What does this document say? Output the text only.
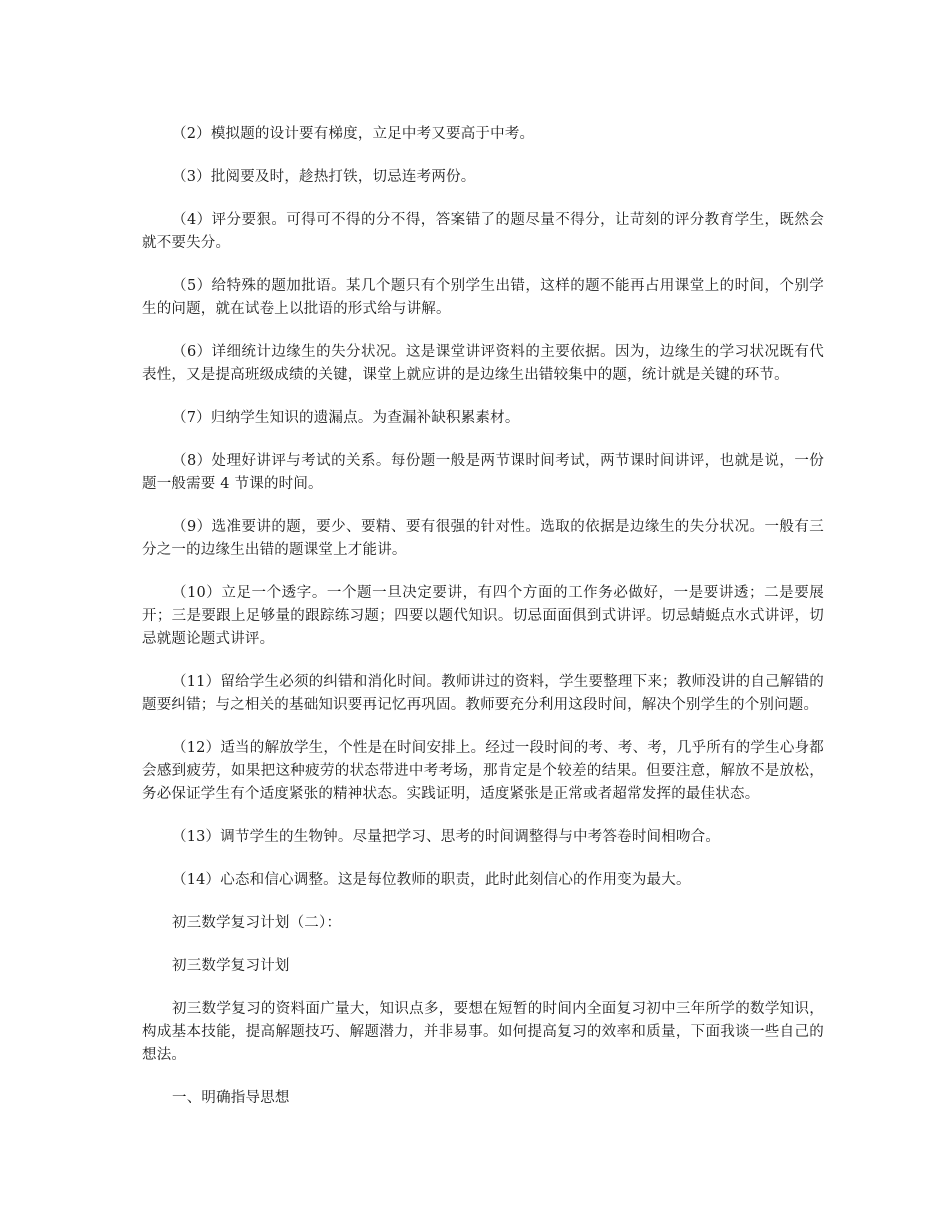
（2）模拟题的设计要有梯度，立足中考又要高于中考。

（3）批阅要及时，趁热打铁，切忌连考两份。

（4）评分要狠。可得可不得的分不得，答案错了的题尽量不得分，让苛刻的评分教育学生，既然会就不要失分。

（5）给特殊的题加批语。某几个题只有个别学生出错，这样的题不能再占用课堂上的时间，个别学生的问题，就在试卷上以批语的形式给与讲解。

（6）详细统计边缘生的失分状况。这是课堂讲评资料的主要依据。因为，边缘生的学习状况既有代表性，又是提高班级成绩的关键，课堂上就应讲的是边缘生出错较集中的题，统计就是关键的环节。

（7）归纳学生知识的遗漏点。为查漏补缺积累素材。

（8）处理好讲评与考试的关系。每份题一般是两节课时间考试，两节课时间讲评，也就是说，一份题一般需要 4 节课的时间。

（9）选准要讲的题，要少、要精、要有很强的针对性。选取的依据是边缘生的失分状况。一般有三分之一的边缘生出错的题课堂上才能讲。

（10）立足一个透字。一个题一旦决定要讲，有四个方面的工作务必做好，一是要讲透；二是要展开；三是要跟上足够量的跟踪练习题；四要以题代知识。切忌面面俱到式讲评。切忌蜻蜓点水式讲评，切忌就题论题式讲评。

（11）留给学生必须的纠错和消化时间。教师讲过的资料，学生要整理下来；教师没讲的自己解错的题要纠错；与之相关的基础知识要再记忆再巩固。教师要充分利用这段时间，解决个别学生的个别问题。

（12）适当的解放学生，个性是在时间安排上。经过一段时间的考、考、考，几乎所有的学生心身都会感到疲劳，如果把这种疲劳的状态带进中考考场，那肯定是个较差的结果。但要注意，解放不是放松，务必保证学生有个适度紧张的精神状态。实践证明，适度紧张是正常或者超常发挥的最佳状态。

（13）调节学生的生物钟。尽量把学习、思考的时间调整得与中考答卷时间相吻合。

（14）心态和信心调整。这是每位教师的职责，此时此刻信心的作用变为最大。

初三数学复习计划（二）：

初三数学复习计划

初三数学复习的资料面广量大，知识点多，要想在短暂的时间内全面复习初中三年所学的数学知识，构成基本技能，提高解题技巧、解题潜力，并非易事。如何提高复习的效率和质量，下面我谈一些自己的想法。

一、明确指导思想
